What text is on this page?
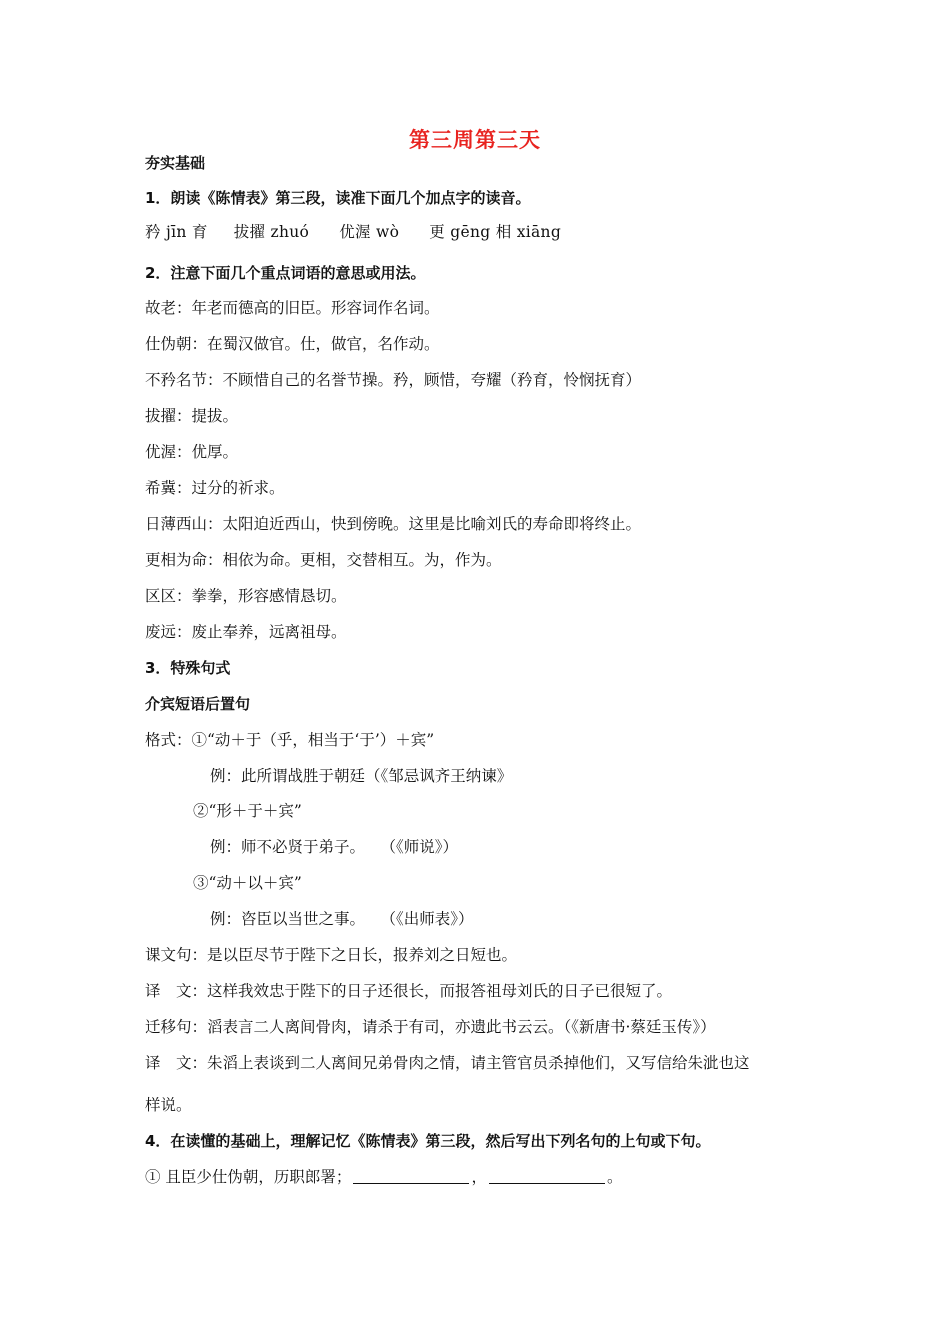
第三周第三天
夯实基础
1．朗读《陈情表》第三段，读准下面几个加点字的读音。
矜 jīn 育 拔擢 zhuó 优渥 wò 更 gēng 相 xiāng
2．注意下面几个重点词语的意思或用法。
故老：年老而德高的旧臣。形容词作名词。
仕伪朝：在蜀汉做官。仕，做官，名作动。
不矜名节：不顾惜自己的名誉节操。矜，顾惜，夸耀（矜育，怜悯抚育）
拔擢：提拔。
优渥：优厚。
希冀：过分的祈求。
日薄西山：太阳迫近西山，快到傍晚。这里是比喻刘氏的寿命即将终止。
更相为命：相依为命。更相，交替相互。为，作为。
区区：拳拳，形容感情恳切。
废远：废止奉养，远离祖母。
3．特殊句式
介宾短语后置句
格式：①“动＋于（乎，相当于‘于’）＋宾”
例：此所谓战胜于朝廷（《邹忌讽齐王纳谏》
②“形＋于＋宾”
例：师不必贤于弟子。　　（《师说》）
③“动＋以＋宾”
例：咨臣以当世之事。　　（《出师表》）
课文句：是以臣尽节于陛下之日长，报养刘之日短也。
译　文：这样我效忠于陛下的日子还很长，而报答祖母刘氏的日子已很短了。
迁移句：滔表言二人离间骨肉，请杀于有司，亦遗此书云云。（《新唐书·蔡廷玉传》）
译　文：朱滔上表谈到二人离间兄弟骨肉之情，请主管官员杀掉他们，又写信给朱泚也这
样说。
4．在读懂的基础上，理解记忆《陈情表》第三段，然后写出下列名句的上句或下句。
① 且臣少仕伪朝，历职郎署；	，	。
